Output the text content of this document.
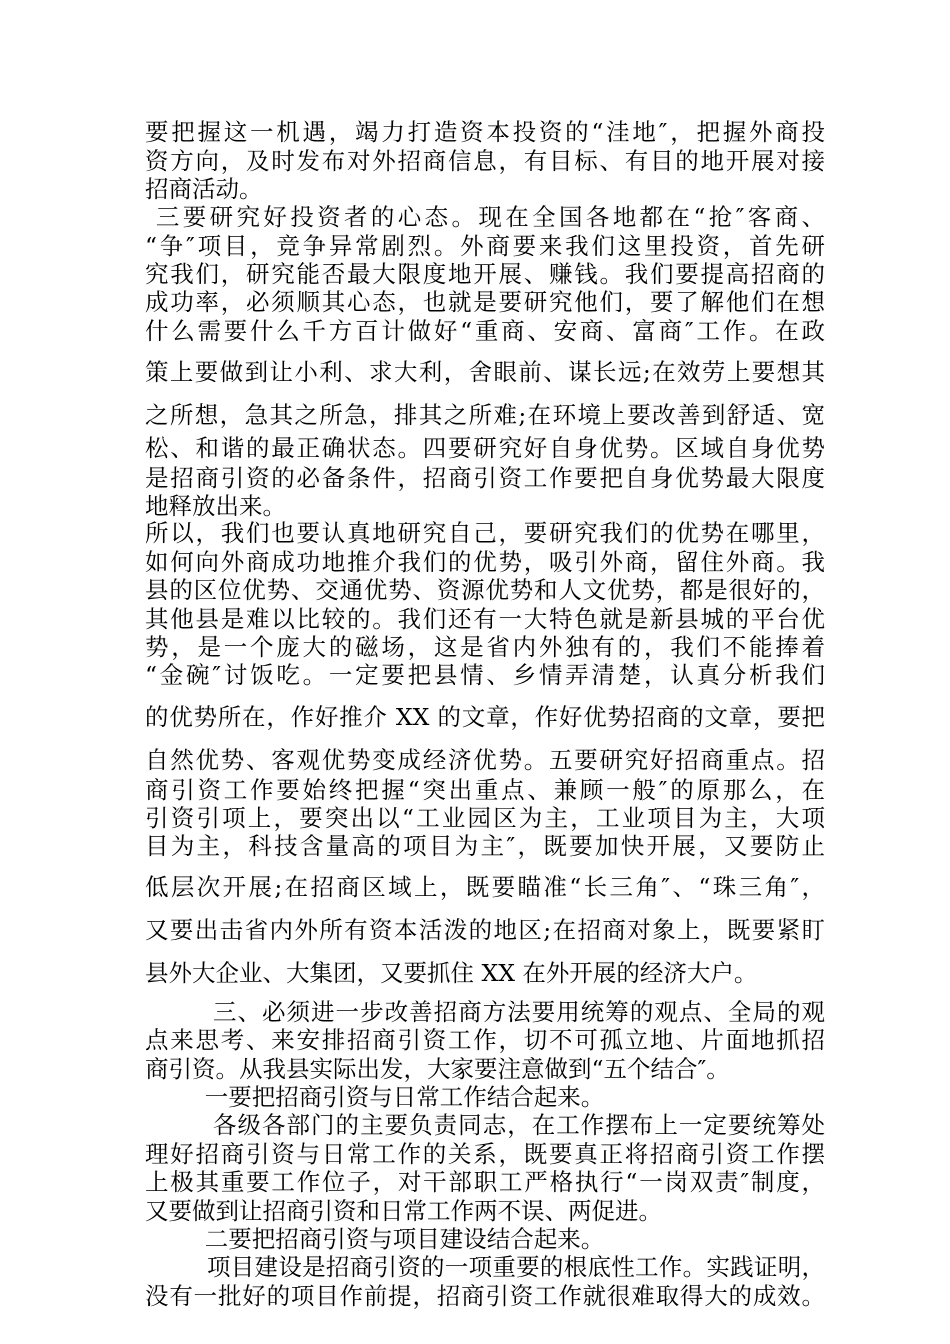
要把握这一机遇，竭力打造资本投资的“洼地″，把握外商投

资方向，及时发布对外招商信息，有目标、有目的地开展对接

招商活动。

三要研究好投资者的心态。现在全国各地都在“抢″客商、

“争″项目，竞争异常剧烈。外商要来我们这里投资，首先研

究我们，研究能否最大限度地开展、赚钱。我们要提高招商的

成功率，必须顺其心态，也就是要研究他们，要了解他们在想

什么需要什么千方百计做好“重商、安商、富商″工作。在政

策上要做到让小利、求大利，舍眼前、谋长远;在效劳上要想其

之所想，急其之所急，排其之所难;在环境上要改善到舒适、宽

松、和谐的最正确状态。四要研究好自身优势。区域自身优势

是招商引资的必备条件，招商引资工作要把自身优势最大限度

地释放出来。

所以，我们也要认真地研究自己，要研究我们的优势在哪里，

如何向外商成功地推介我们的优势，吸引外商，留住外商。我

县的区位优势、交通优势、资源优势和人文优势，都是很好的，

其他县是难以比较的。我们还有一大特色就是新县城的平台优

势，是一个庞大的磁场，这是省内外独有的，我们不能捧着

“金碗″讨饭吃。一定要把县情、乡情弄清楚，认真分析我们

的优势所在，作好推介 XX 的文章，作好优势招商的文章，要把

自然优势、客观优势变成经济优势。五要研究好招商重点。招

商引资工作要始终把握“突出重点、兼顾一般″的原那么，在

引资引项上，要突出以“工业园区为主，工业项目为主，大项

目为主，科技含量高的项目为主″，既要加快开展，又要防止

低层次开展;在招商区域上，既要瞄准“长三角″、“珠三角″，

又要出击省内外所有资本活泼的地区;在招商对象上，既要紧盯

县外大企业、大集团，又要抓住 XX 在外开展的经济大户。

三、必须进一步改善招商方法要用统筹的观点、全局的观

点来思考、来安排招商引资工作，切不可孤立地、片面地抓招

商引资。从我县实际出发，大家要注意做到“五个结合″。

一要把招商引资与日常工作结合起来。

各级各部门的主要负责同志，在工作摆布上一定要统筹处

理好招商引资与日常工作的关系，既要真正将招商引资工作摆

上极其重要工作位子，对干部职工严格执行“一岗双责″制度，

又要做到让招商引资和日常工作两不误、两促进。

二要把招商引资与项目建设结合起来。

项目建设是招商引资的一项重要的根底性工作。实践证明，

没有一批好的项目作前提，招商引资工作就很难取得大的成效。
